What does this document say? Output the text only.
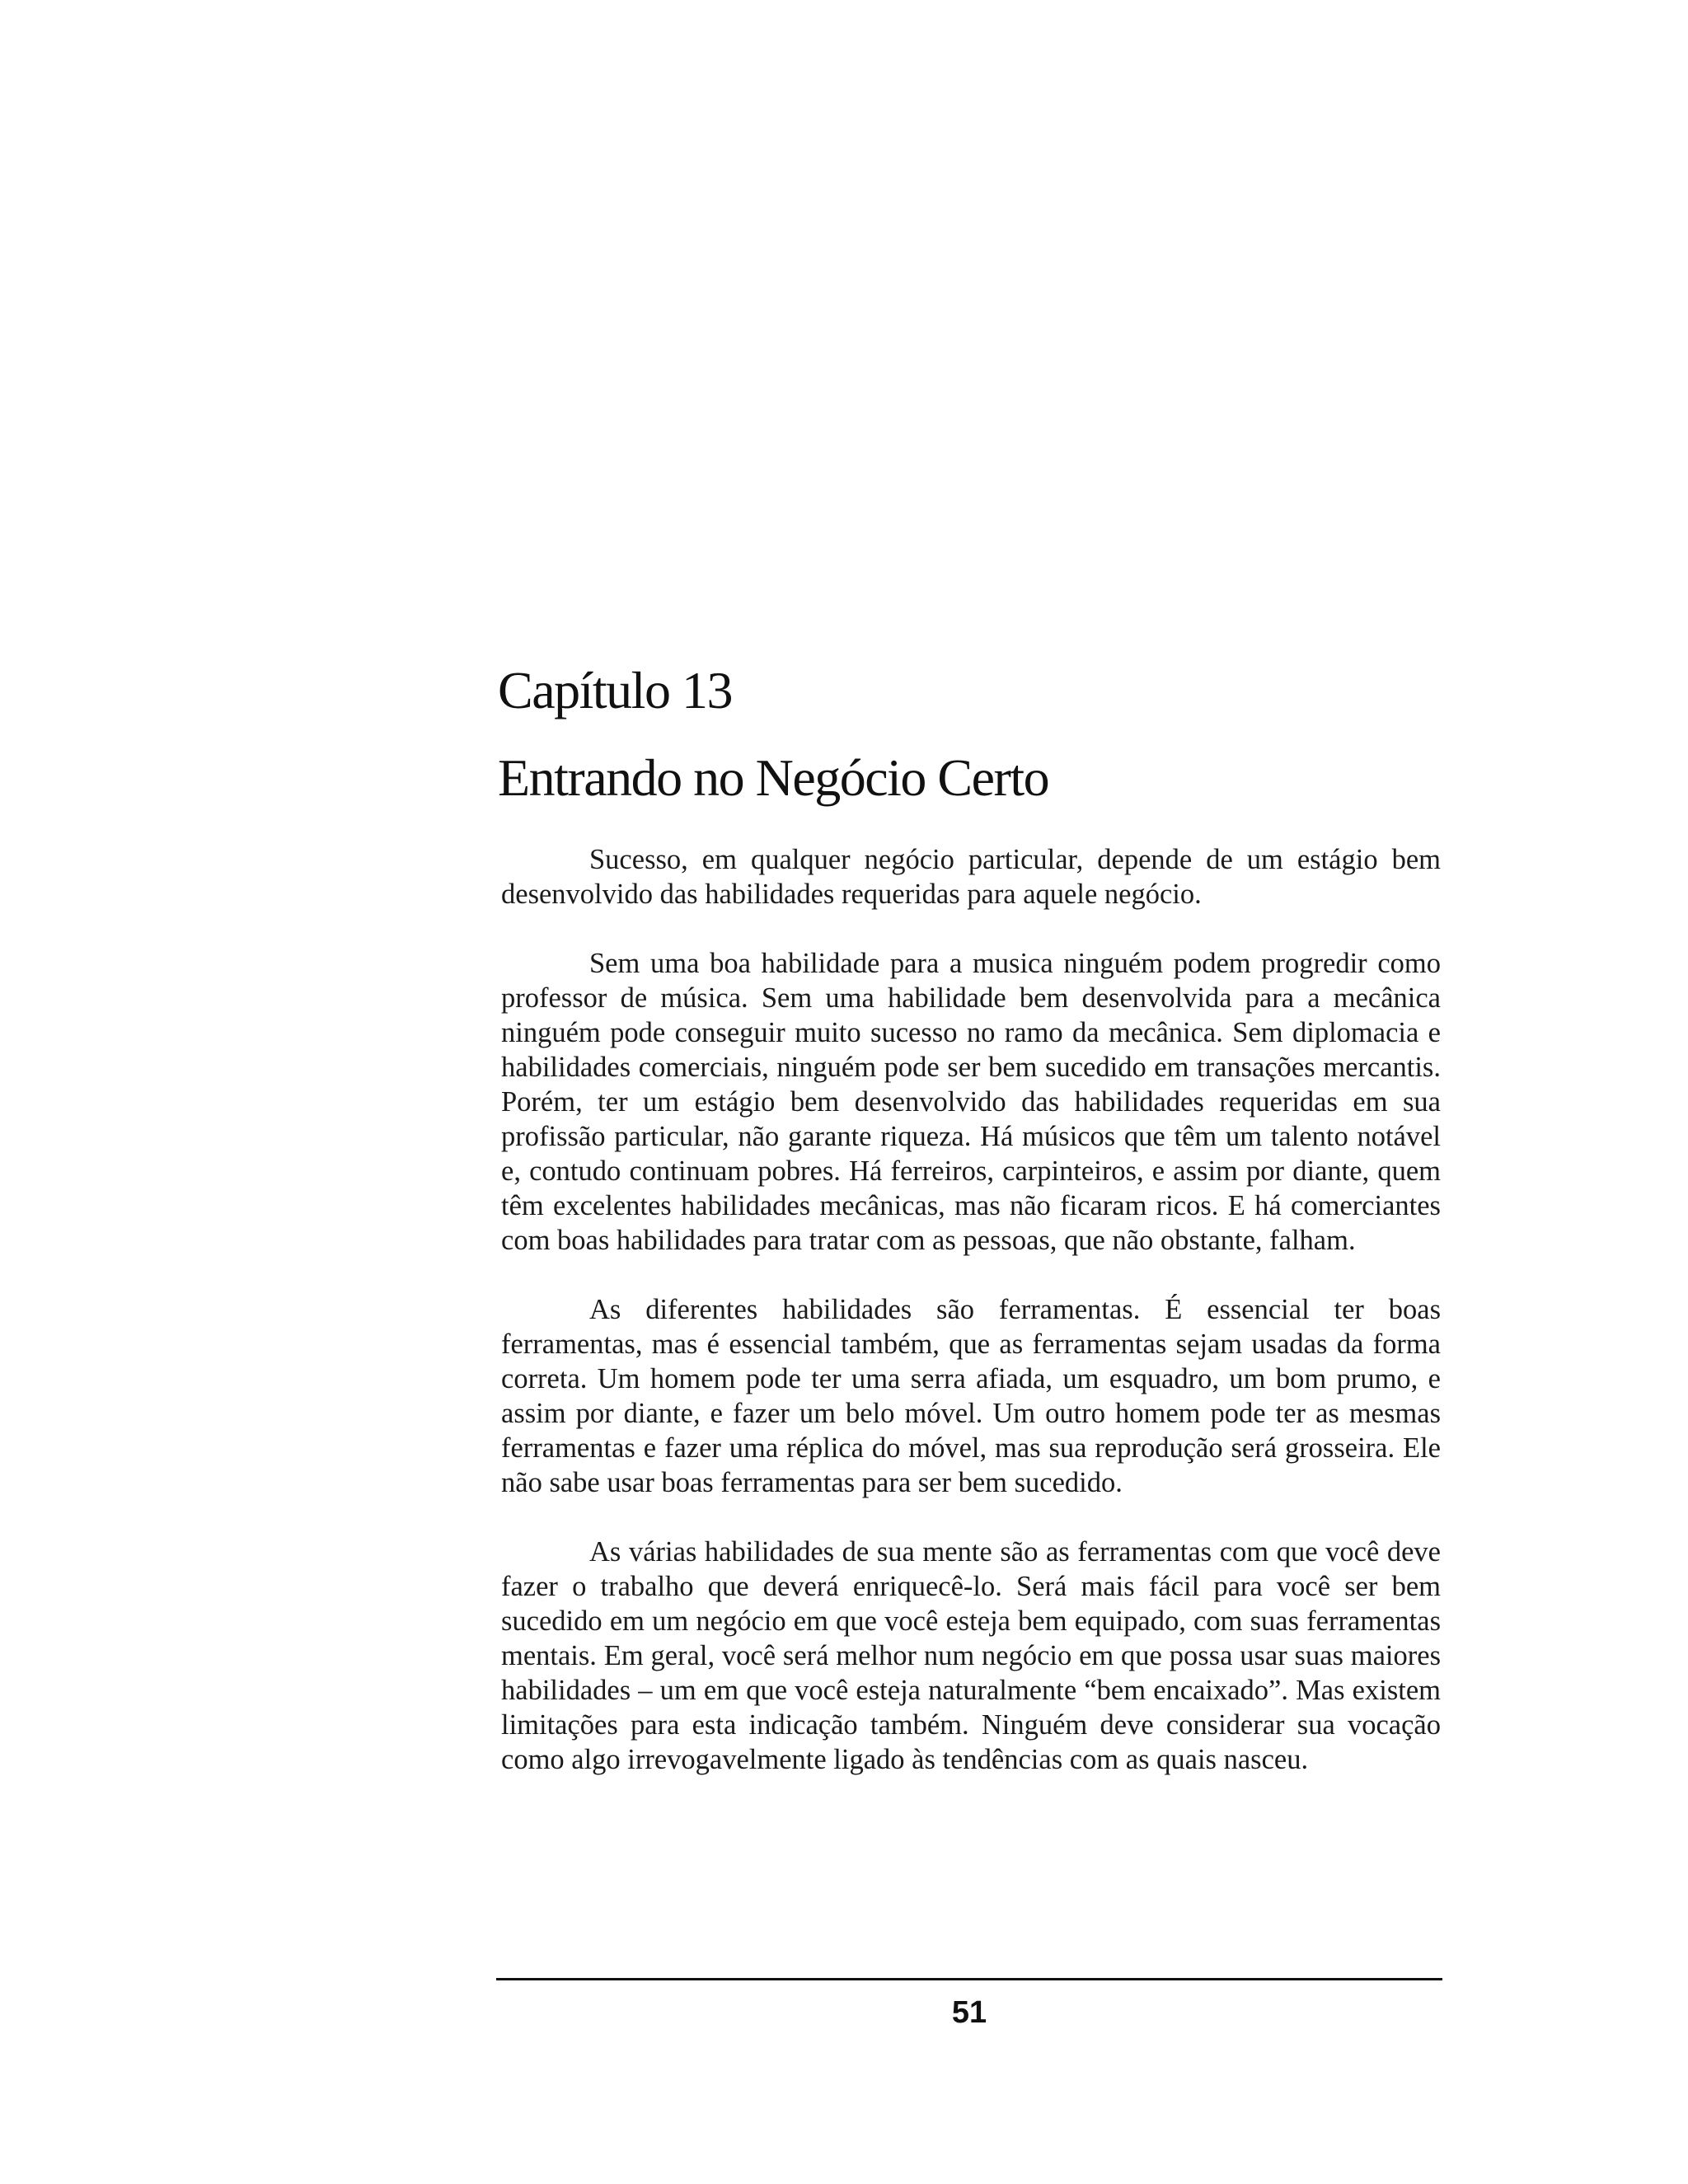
Capítulo 13
Entrando no Negócio Certo

Sucesso, em qualquer negócio particular, depende de um estágio bem desenvolvido das habilidades requeridas para aquele negócio.

Sem uma boa habilidade para a musica ninguém podem progredir como professor de música. Sem uma habilidade bem desenvolvida para a mecânica ninguém pode conseguir muito sucesso no ramo da mecânica. Sem diplomacia e habilidades comerciais, ninguém pode ser bem sucedido em transações mercantis. Porém, ter um estágio bem desenvolvido das habilidades requeridas em sua profissão particular, não garante riqueza. Há músicos que têm um talento notável e, contudo continuam pobres. Há ferreiros, carpinteiros, e assim por diante, quem têm excelentes habilidades mecânicas, mas não ficaram ricos. E há comerciantes com boas habilidades para tratar com as pessoas, que não obstante, falham.

As diferentes habilidades são ferramentas. É essencial ter boas ferramentas, mas é essencial também, que as ferramentas sejam usadas da forma correta. Um homem pode ter uma serra afiada, um esquadro, um bom prumo, e assim por diante, e fazer um belo móvel. Um outro homem pode ter as mesmas ferramentas e fazer uma réplica do móvel, mas sua reprodução será grosseira. Ele não sabe usar boas ferramentas para ser bem sucedido.

As várias habilidades de sua mente são as ferramentas com que você deve fazer o trabalho que deverá enriquecê-lo. Será mais fácil para você ser bem sucedido em um negócio em que você esteja bem equipado, com suas ferramentas mentais. Em geral, você será melhor num negócio em que possa usar suas maiores habilidades – um em que você esteja naturalmente “bem encaixado”. Mas existem limitações para esta indicação também. Ninguém deve considerar sua vocação como algo irrevogavelmente ligado às tendências com as quais nasceu.

51
